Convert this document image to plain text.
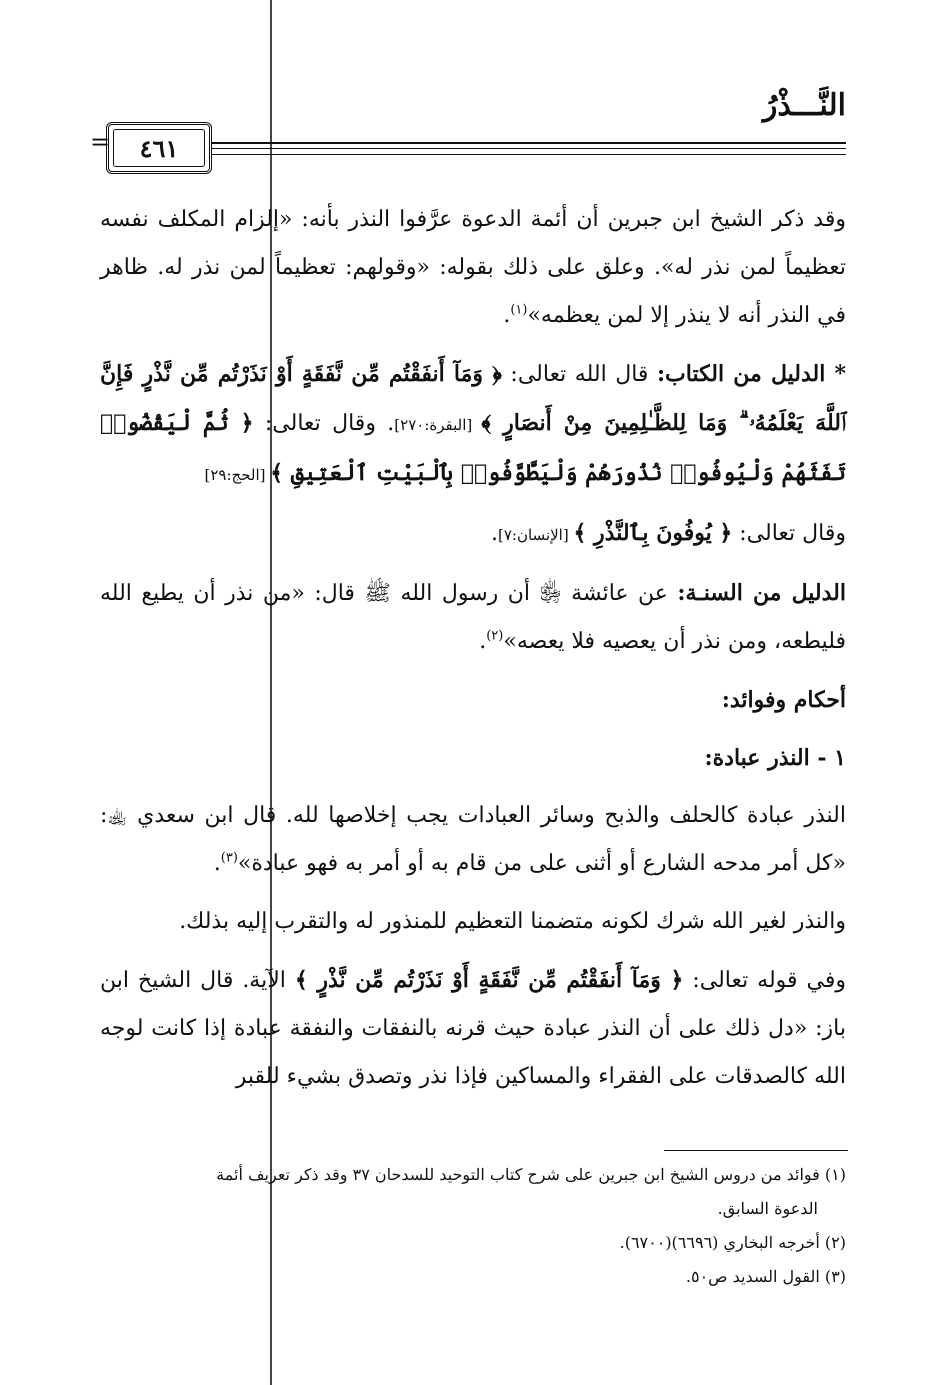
النَّـــذْرُ
٤٦١
=

وقد ذكر الشيخ ابن جبرين أن أئمة الدعوة عرَّفوا النذر بأنه: «إلزام المكلف نفسه تعظيماً لمن نذر له». وعلق على ذلك بقوله: «وقولهم: تعظيماً لمن نذر له. ظاهر في النذر أنه لا ينذر إلا لمن يعظمه»$^{(١)}$.

* الدليل من الكتاب: قال الله تعالى: ﴿ وَمَآ أَنفَقْتُم مِّن نَّفَقَةٍ أَوْ نَذَرْتُم مِّن نَّذْرٍ فَإِنَّ ٱللَّهَ يَعْلَمُهُۥ ۗ وَمَا لِلظَّـٰلِمِينَ مِنْ أَنصَارٍ ﴾ [البقرة:٢٧٠]. وقال تعالى: ﴿ ثُمَّ لْيَقْضُوا۟ تَفَثَهُمْ وَلْيُوفُوا۟ نُذُورَهُمْ وَلْيَطَّوَّفُوا۟ بِٱلْبَيْتِ ٱلْعَتِيقِ ﴾ [الحج:٢٩]

وقال تعالى: ﴿ يُوفُونَ بِٱلنَّذْرِ ﴾ [الإنسان:٧].

الدليل من السنـة: عن عائشة ﵂ أن رسول الله ﷺ قال: «من نذر أن يطيع الله فليطعه، ومن نذر أن يعصيه فلا يعصه»$^{(٢)}$.

أحكام وفوائد:

١ - النذر عبادة:

النذر عبادة كالحلف والذبح وسائر العبادات يجب إخلاصها لله. قال ابن سعدي ﵀: «كل أمر مدحه الشارع أو أثنى على من قام به أو أمر به فهو عبادة»$^{(٣)}$.

والنذر لغير الله شرك لكونه متضمنا التعظيم للمنذور له والتقرب إليه بذلك.

وفي قوله تعالى: ﴿ وَمَآ أَنفَقْتُم مِّن نَّفَقَةٍ أَوْ نَذَرْتُم مِّن نَّذْرٍ ﴾ الآية. قال الشيخ ابن باز: «دل ذلك على أن النذر عبادة حيث قرنه بالنفقات والنفقة عبادة إذا كانت لوجه الله كالصدقات على الفقراء والمساكين فإذا نذر وتصدق بشيء للقبر

(١) فوائد من دروس الشيخ ابن جبرين على شرح كتاب التوحيد للسدحان ٣٧ وقد ذكر تعريف أئمة

الدعوة السابق.

(٢) أخرجه البخاري (٦٦٩٦)(٦٧٠٠).

(٣) القول السديد ص٥٠.
